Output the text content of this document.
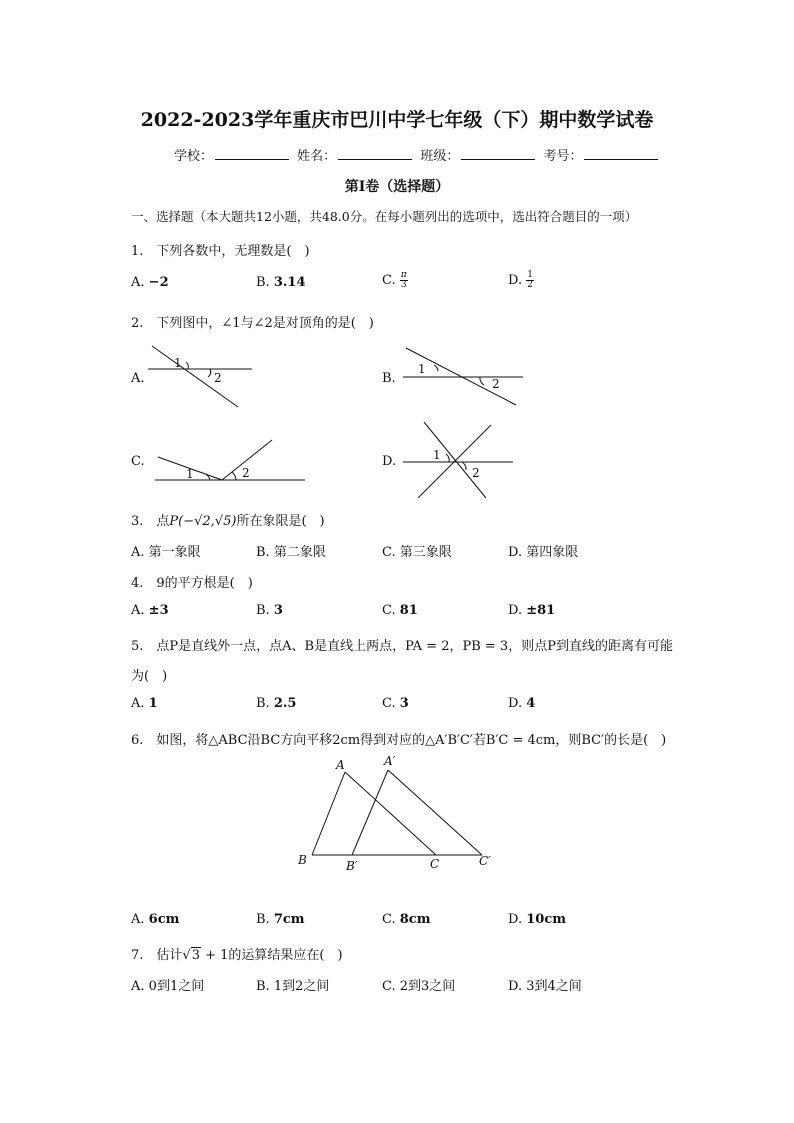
2022-2023学年重庆市巴川中学七年级（下）期中数学试卷
学校：	姓名：	班级：	考号：
第I卷（选择题）
一、选择题（本大题共12小题，共48.0分。在每小题列出的选项中，选出符合题目的一项）
1.　下列各数中，无理数是(　)
A. −2	B. 3.14	C. $\frac{\pi}{3}$	D. $\frac{1}{2}$
2.　下列图中，∠1与∠2是对顶角的是(　)
A.
1
2
1
2
1	2
1
2
A	A′
B	B′	C	C′
B.
C.	D.
3.　点P(−√2,√5)所在象限是(　)
A. 第一象限	B. 第二象限	C. 第三象限	D. 第四象限
4.　9的平方根是(　)
A. ±3	B. 3	C. 81	D. ±81
5.　点P是直线外一点，点A、B是直线上两点，PA = 2，PB = 3，则点P到直线的距离有可能
为(　)
A. 1	B. 2.5	C. 3	D. 4
6.　如图，将△ABC沿BC方向平移2cm得到对应的△A′B′C′若B′C = 4cm，则BC′的长是(　)
A. 6cm	B. 7cm	C. 8cm	D. 10cm
7.　估计√3 + 1的运算结果应在(　)
A. 0到1之间	B. 1到2之间	C. 2到3之间	D. 3到4之间
